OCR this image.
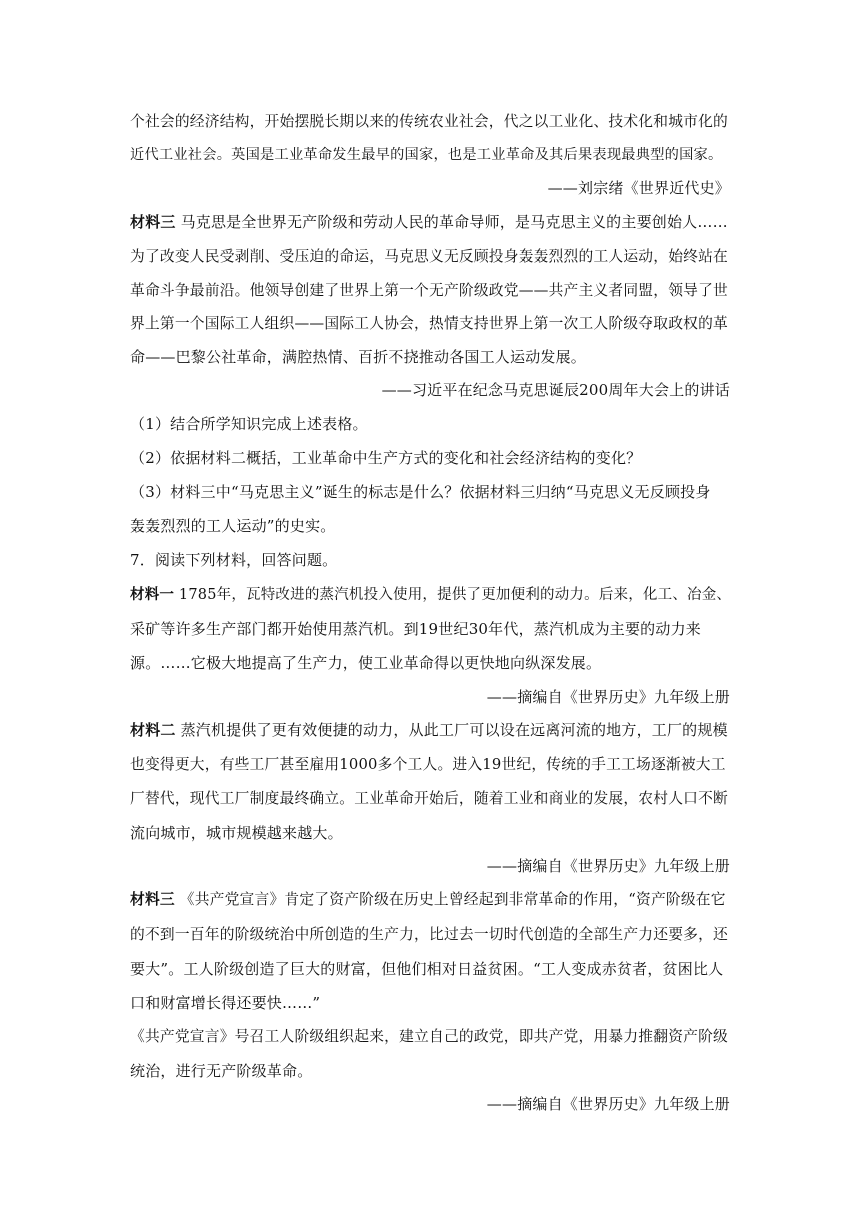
个社会的经济结构，开始摆脱长期以来的传统农业社会，代之以工业化、技术化和城市化的
近代工业社会。英国是工业革命发生最早的国家，也是工业革命及其后果表现最典型的国家。
——刘宗绪《世界近代史》
材料三 马克思是全世界无产阶级和劳动人民的革命导师，是马克思主义的主要创始人……
为了改变人民受剥削、受压迫的命运，马克思义无反顾投身轰轰烈烈的工人运动，始终站在
革命斗争最前沿。他领导创建了世界上第一个无产阶级政党——共产主义者同盟，领导了世
界上第一个国际工人组织——国际工人协会，热情支持世界上第一次工人阶级夺取政权的革
命——巴黎公社革命，满腔热情、百折不挠推动各国工人运动发展。
——习近平在纪念马克思诞辰200周年大会上的讲话
（1）结合所学知识完成上述表格。
（2）依据材料二概括，工业革命中生产方式的变化和社会经济结构的变化？
（3）材料三中“马克思主义”诞生的标志是什么？依据材料三归纳“马克思义无反顾投身
轰轰烈烈的工人运动”的史实。
7．阅读下列材料，回答问题。
材料一 1785年，瓦特改进的蒸汽机投入使用，提供了更加便利的动力。后来，化工、冶金、
采矿等许多生产部门都开始使用蒸汽机。到19世纪30年代，蒸汽机成为主要的动力来
源。……它极大地提高了生产力，使工业革命得以更快地向纵深发展。
——摘编自《世界历史》九年级上册
材料二 蒸汽机提供了更有效便捷的动力，从此工厂可以设在远离河流的地方，工厂的规模
也变得更大，有些工厂甚至雇用1000多个工人。进入19世纪，传统的手工工场逐渐被大工
厂替代，现代工厂制度最终确立。工业革命开始后，随着工业和商业的发展，农村人口不断
流向城市，城市规模越来越大。
——摘编自《世界历史》九年级上册
材料三 《共产党宣言》肯定了资产阶级在历史上曾经起到非常革命的作用，“资产阶级在它
的不到一百年的阶级统治中所创造的生产力，比过去一切时代创造的全部生产力还要多，还
要大”。工人阶级创造了巨大的财富，但他们相对日益贫困。“工人变成赤贫者，贫困比人
口和财富增长得还要快……”
《共产党宣言》号召工人阶级组织起来，建立自己的政党，即共产党，用暴力推翻资产阶级
统治，进行无产阶级革命。
——摘编自《世界历史》九年级上册
